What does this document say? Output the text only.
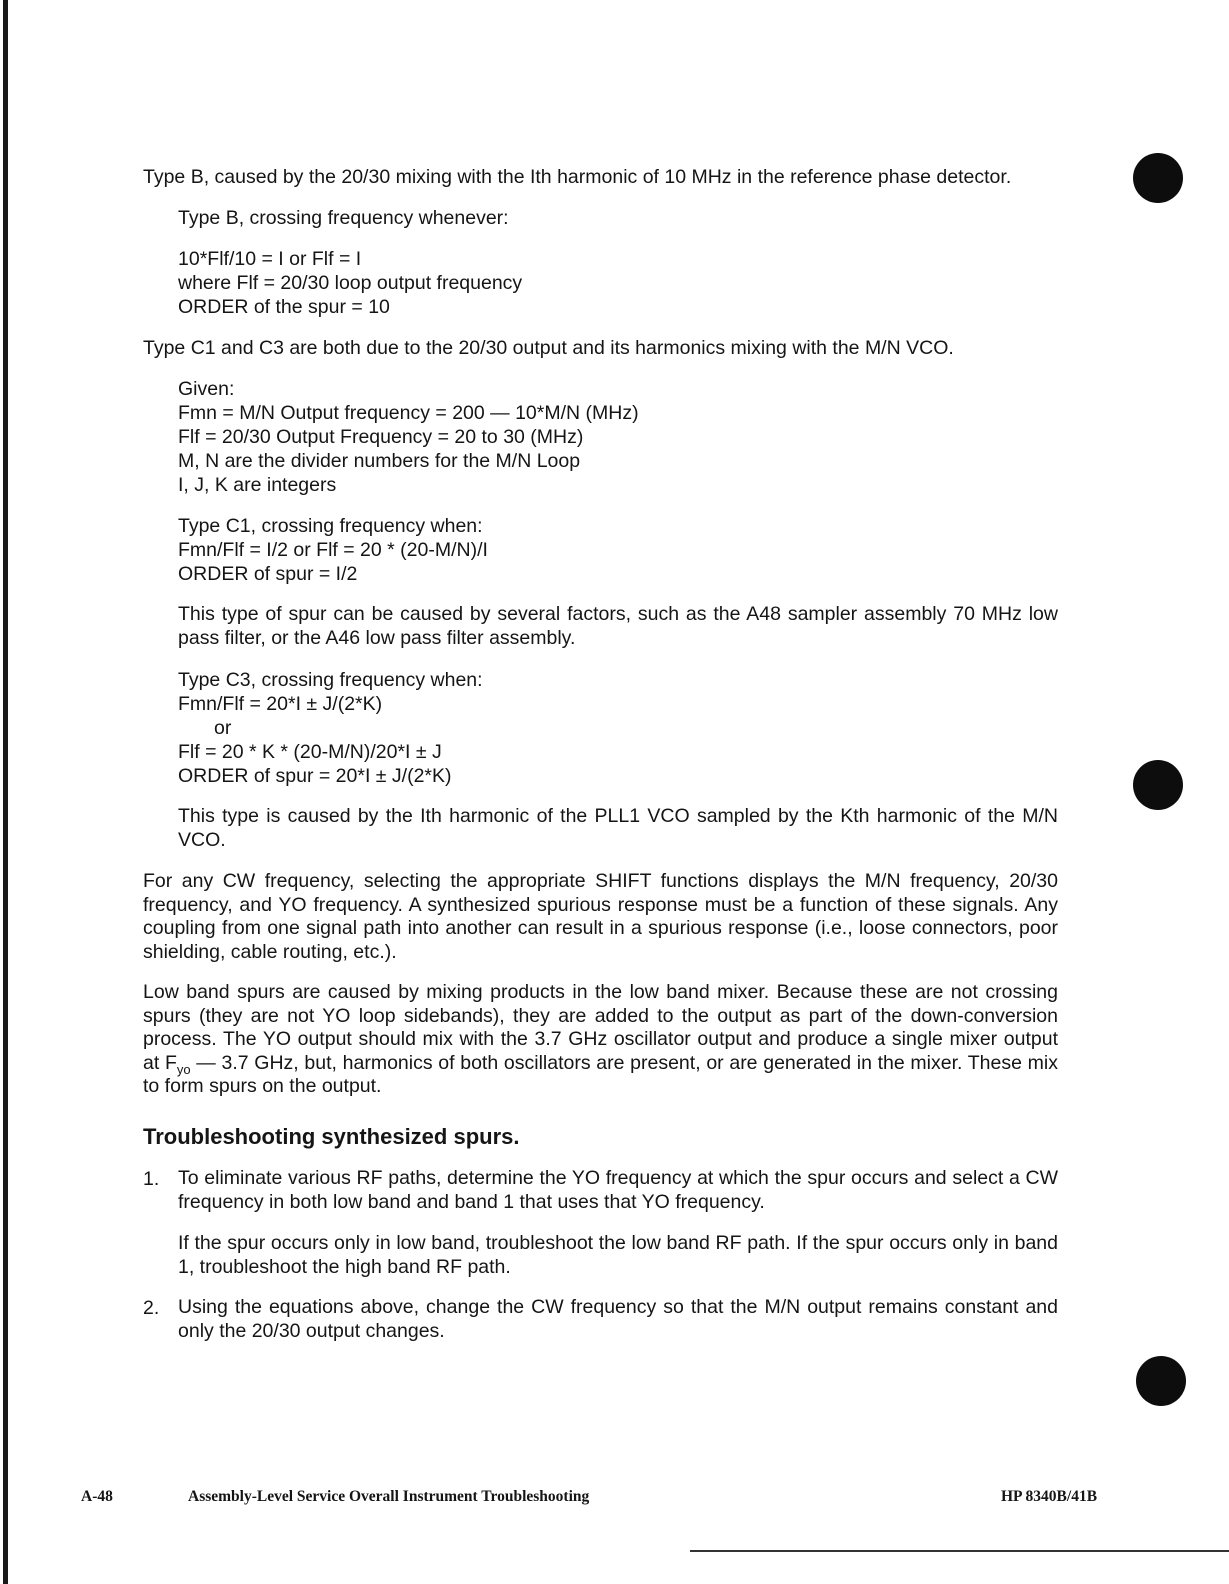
Type B, caused by the 20/30 mixing with the Ith harmonic of 10 MHz in the reference phase detector.
Type B, crossing frequency whenever:
10*Flf/10 = I or Flf = I
where Flf = 20/30 loop output frequency
ORDER of the spur = 10
Type C1 and C3 are both due to the 20/30 output and its harmonics mixing with the M/N VCO.
Given:
Fmn = M/N Output frequency = 200 — 10*M/N (MHz)
Flf = 20/30 Output Frequency = 20 to 30 (MHz)
M, N are the divider numbers for the M/N Loop
I, J, K are integers
Type C1, crossing frequency when:
Fmn/Flf = I/2 or Flf = 20 * (20-M/N)/I
ORDER of spur = I/2
This type of spur can be caused by several factors, such as the A48 sampler assembly 70 MHz low pass filter, or the A46 low pass filter assembly.
Type C3, crossing frequency when:
Fmn/Flf = 20*I ± J/(2*K)
or
Flf = 20 * K * (20-M/N)/20*I ± J
ORDER of spur = 20*I ± J/(2*K)
This type is caused by the Ith harmonic of the PLL1 VCO sampled by the Kth harmonic of the M/N VCO.
For any CW frequency, selecting the appropriate SHIFT functions displays the M/N frequency, 20/30 frequency, and YO frequency. A synthesized spurious response must be a function of these signals. Any coupling from one signal path into another can result in a spurious response (i.e., loose connectors, poor shielding, cable routing, etc.).
Low band spurs are caused by mixing products in the low band mixer. Because these are not crossing spurs (they are not YO loop sidebands), they are added to the output as part of the down-conversion process. The YO output should mix with the 3.7 GHz oscillator output and produce a single mixer output at $F_{yo}$ — 3.7 GHz, but, harmonics of both oscillators are present, or are generated in the mixer. These mix to form spurs on the output.
Troubleshooting synthesized spurs.
1. To eliminate various RF paths, determine the YO frequency at which the spur occurs and select a CW frequency in both low band and band 1 that uses that YO frequency.
If the spur occurs only in low band, troubleshoot the low band RF path. If the spur occurs only in band 1, troubleshoot the high band RF path.
2. Using the equations above, change the CW frequency so that the M/N output remains constant and only the 20/30 output changes.
A-48	Assembly-Level Service Overall Instrument Troubleshooting	HP 8340B/41B
